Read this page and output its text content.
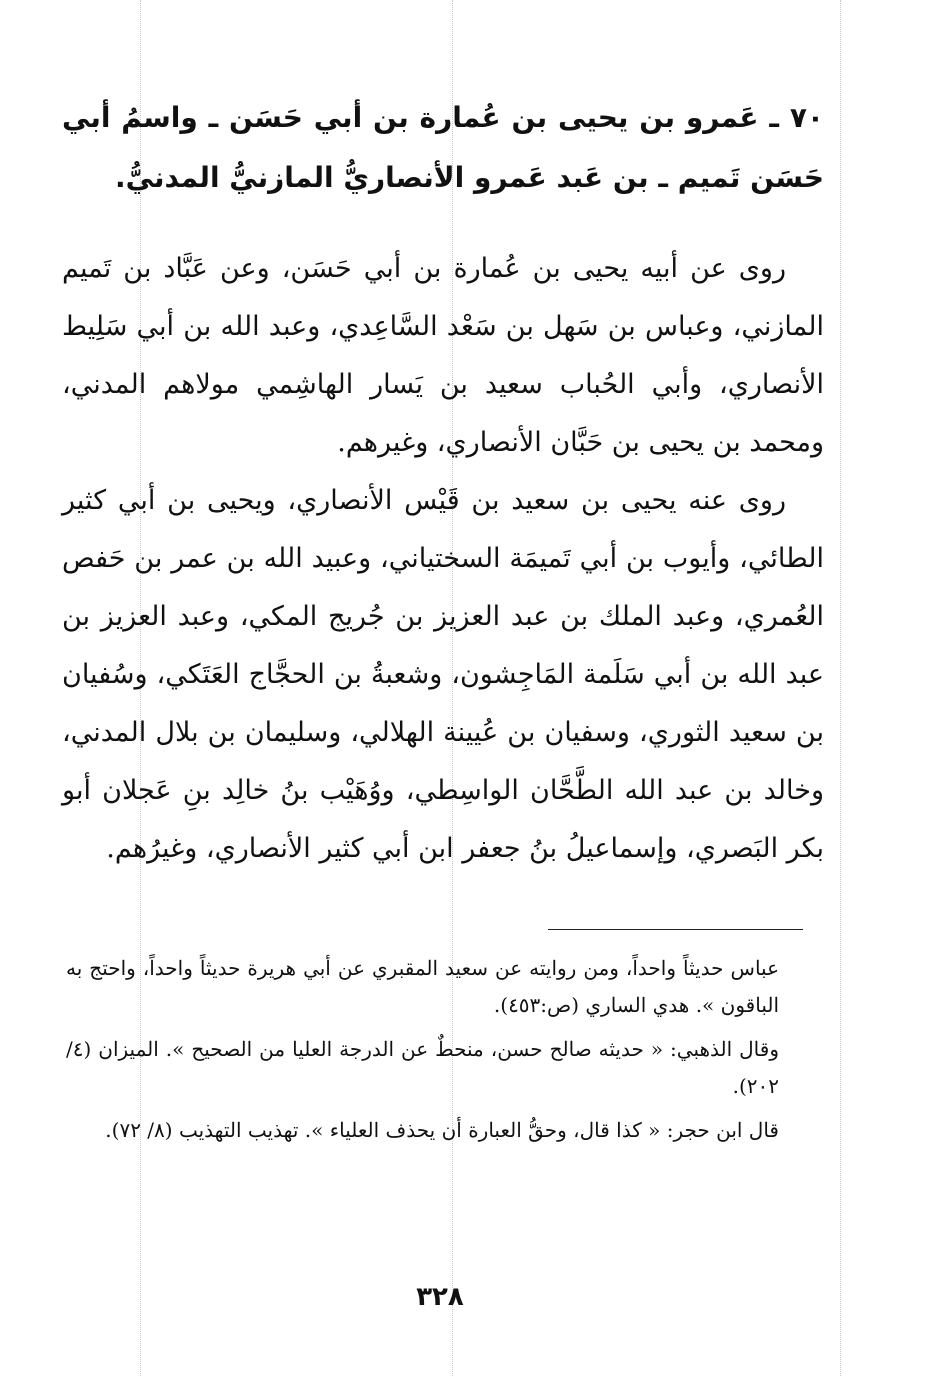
٧٠ ـ عَمرو بن يحيى بن عُمارة بن أبي حَسَن ـ واسمُ أبي حَسَن تَميم ـ بن عَبد عَمرو الأنصاريُّ المازنيُّ المدنيُّ.
روى عن أبيه يحيى بن عُمارة بن أبي حَسَن، وعن عَبَّاد بن تَميم المازني، وعباس بن سَهل بن سَعْد السَّاعِدي، وعبد الله بن أبي سَلِيط الأنصاري، وأبي الحُباب سعيد بن يَسار الهاشِمي مولاهم المدني، ومحمد بن يحيى بن حَبَّان الأنصاري، وغيرهم.
روى عنه يحيى بن سعيد بن قَيْس الأنصاري، ويحيى بن أبي كثير الطائي، وأيوب بن أبي تَميمَة السختياني، وعبيد الله بن عمر بن حَفص العُمري، وعبد الملك بن عبد العزيز بن جُريج المكي، وعبد العزيز بن عبد الله بن أبي سَلَمة المَاجِشون، وشعبةُ بن الحجَّاج العَتَكي، وسُفيان بن سعيد الثوري، وسفيان بن عُيينة الهلالي، وسليمان بن بلال المدني، وخالد بن عبد الله الطَّحَّان الواسِطي، ووُهَيْب بنُ خالِد بنِ عَجلان أبو بكر البَصري، وإسماعيلُ بنُ جعفر ابن أبي كثير الأنصاري، وغيرُهم.

عباس حديثاً واحداً، ومن روايته عن سعيد المقبري عن أبي هريرة حديثاً واحداً، واحتج به الباقون ». هدي الساري (ص:٤٥٣).

وقال الذهبي: « حديثه صالح حسن، منحطٌ عن الدرجة العليا من الصحيح ». الميزان (٤/ ٢٠٢).

قال ابن حجر: « كذا قال، وحقُّ العبارة أن يحذف العلياء ». تهذيب التهذيب (٨/ ٧٢).

٣٢٨
